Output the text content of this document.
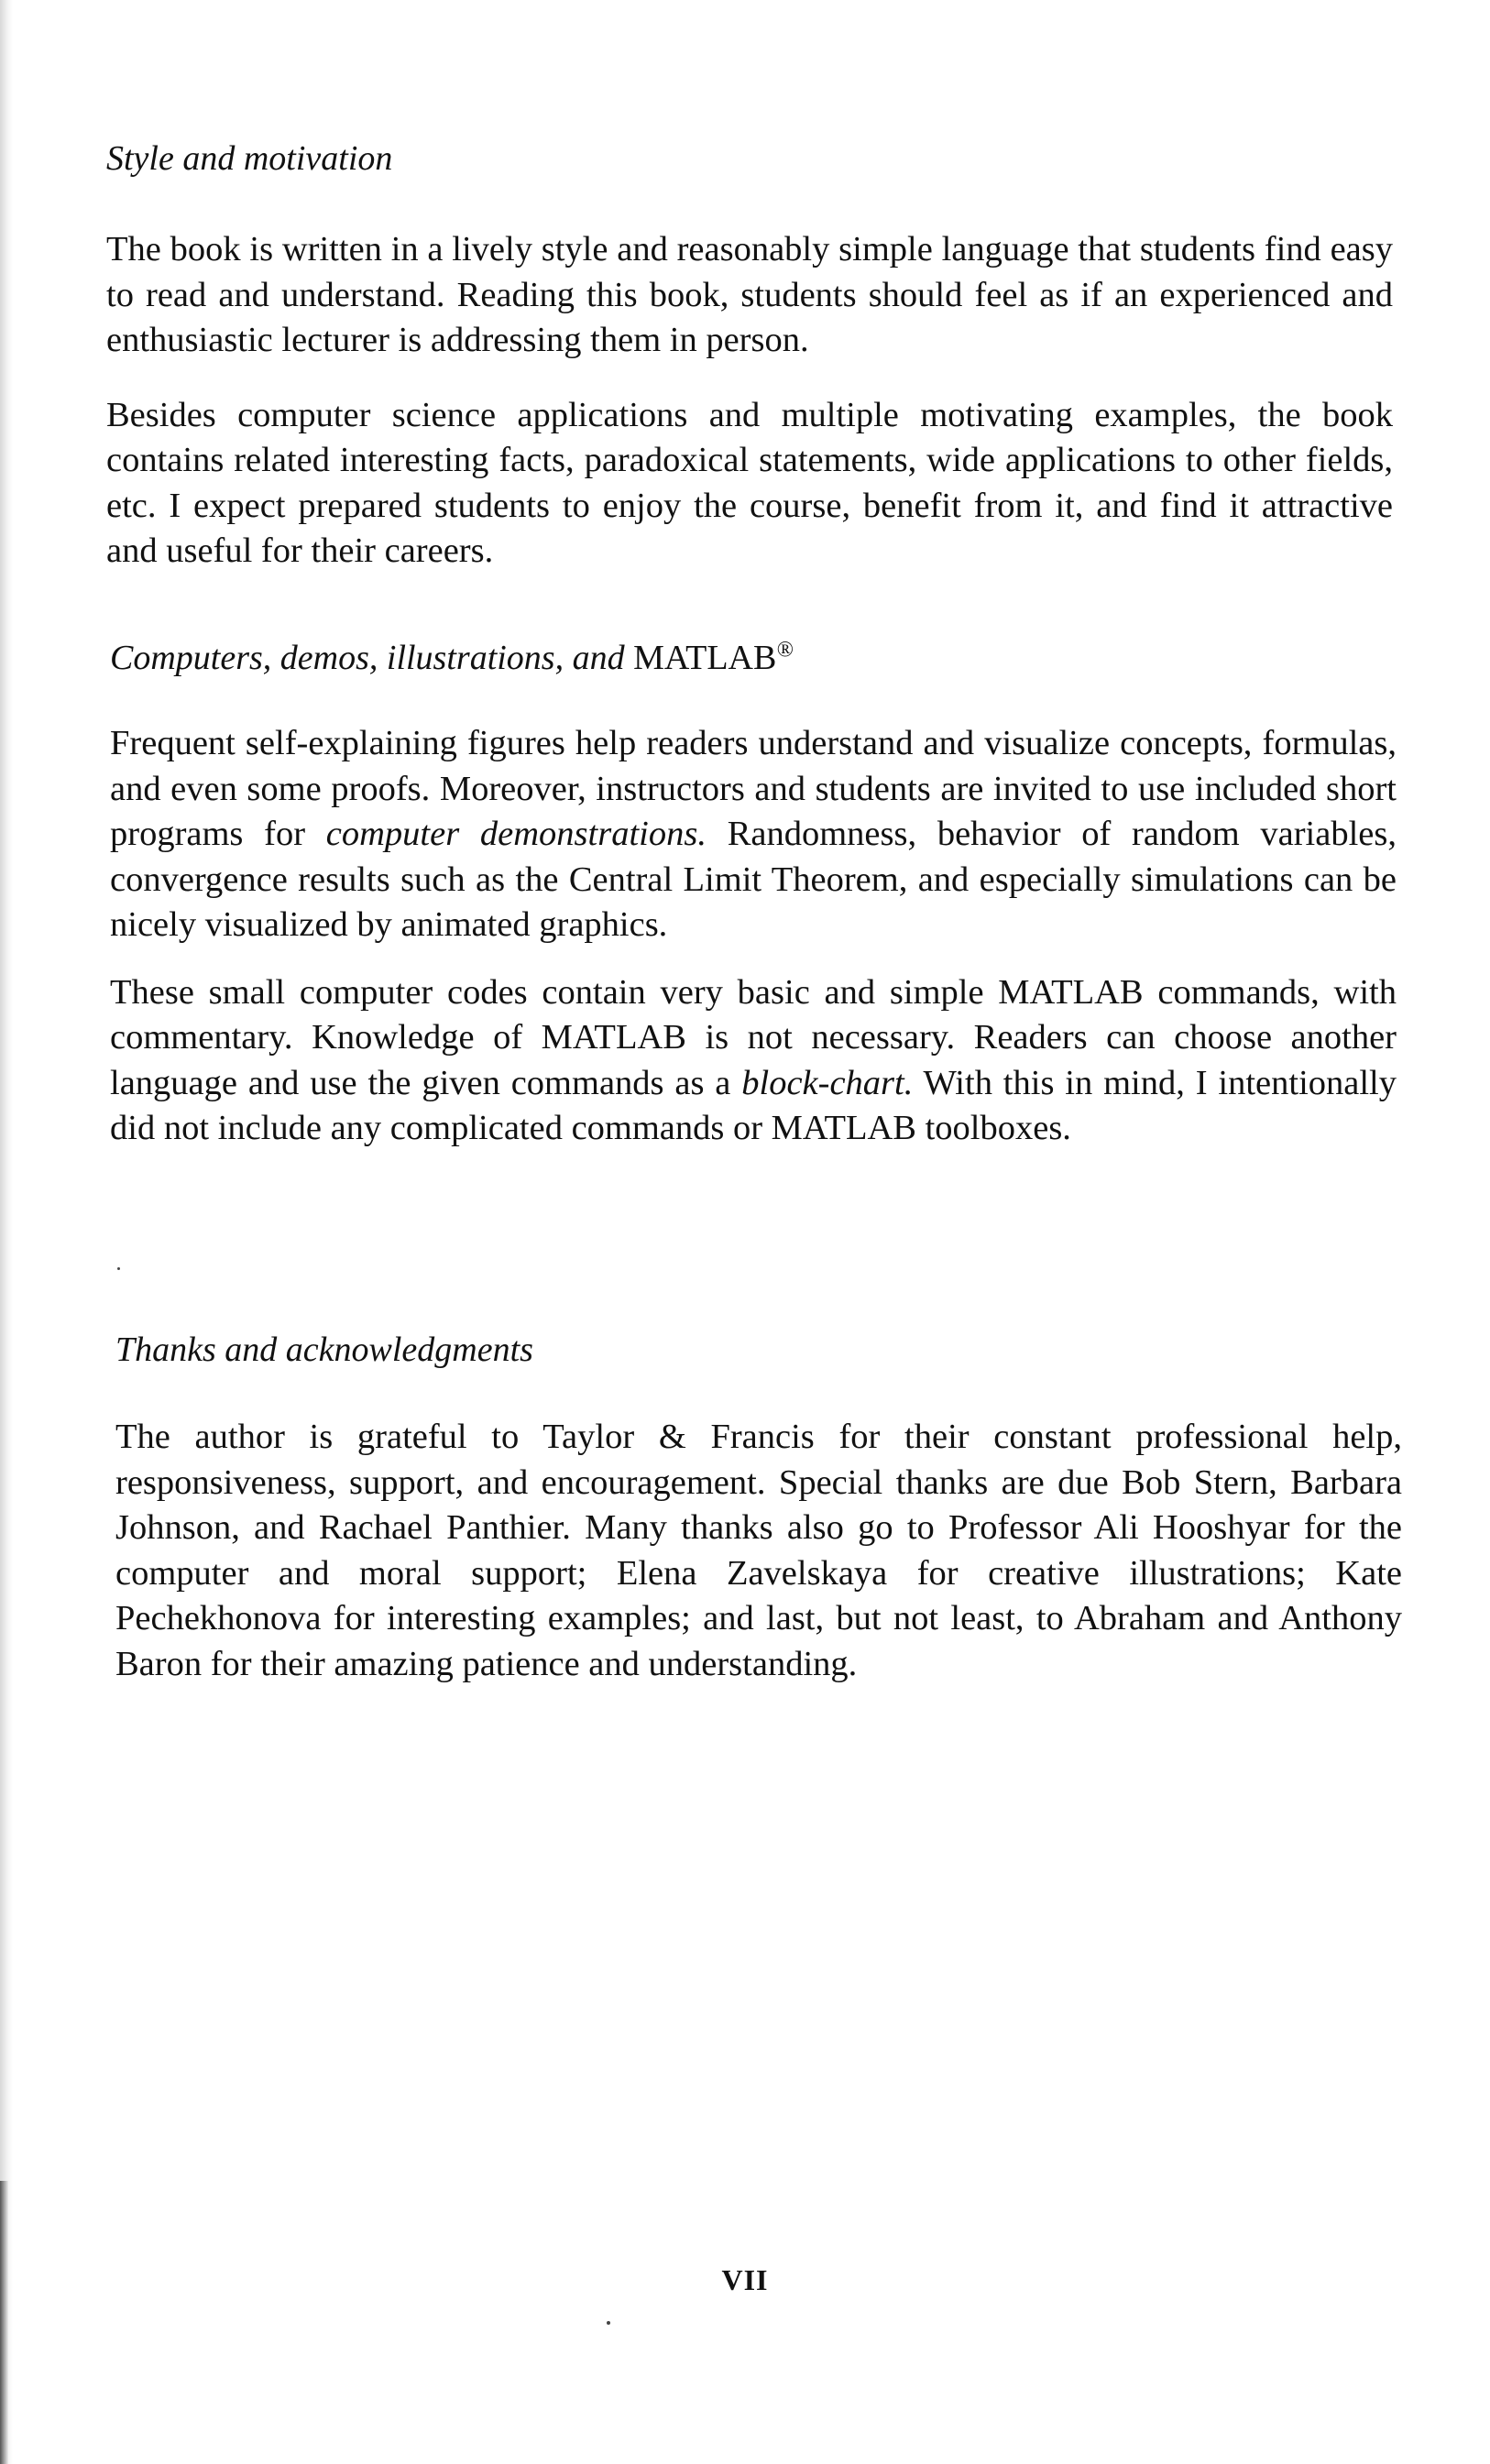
Style and motivation

The book is written in a lively style and reasonably simple language that students find easy to read and understand. Reading this book, students should feel as if an experienced and enthusiastic lecturer is addressing them in person.

Besides computer science applications and multiple motivating examples, the book contains related interesting facts, paradoxical statements, wide applications to other fields, etc. I expect prepared students to enjoy the course, benefit from it, and find it attractive and useful for their careers.

Computers, demos, illustrations, and MATLAB®

Frequent self-explaining figures help readers understand and visualize concepts, formulas, and even some proofs. Moreover, instructors and students are invited to use included short programs for computer demonstrations. Randomness, behavior of random variables, convergence results such as the Central Limit Theorem, and especially simulations can be nicely visualized by animated graphics.

These small computer codes contain very basic and simple MATLAB commands, with commentary. Knowledge of MATLAB is not necessary. Readers can choose another language and use the given commands as a block-chart. With this in mind, I intentionally did not include any complicated commands or MATLAB toolboxes.

Thanks and acknowledgments

The author is grateful to Taylor & Francis for their constant professional help, responsiveness, support, and encouragement. Special thanks are due Bob Stern, Barbara Johnson, and Rachael Panthier. Many thanks also go to Professor Ali Hooshyar for the computer and moral support; Elena Zavelskaya for creative illustrations; Kate Pechekhonova for interesting examples; and last, but not least, to Abraham and Anthony Baron for their amazing patience and understanding.

VII
